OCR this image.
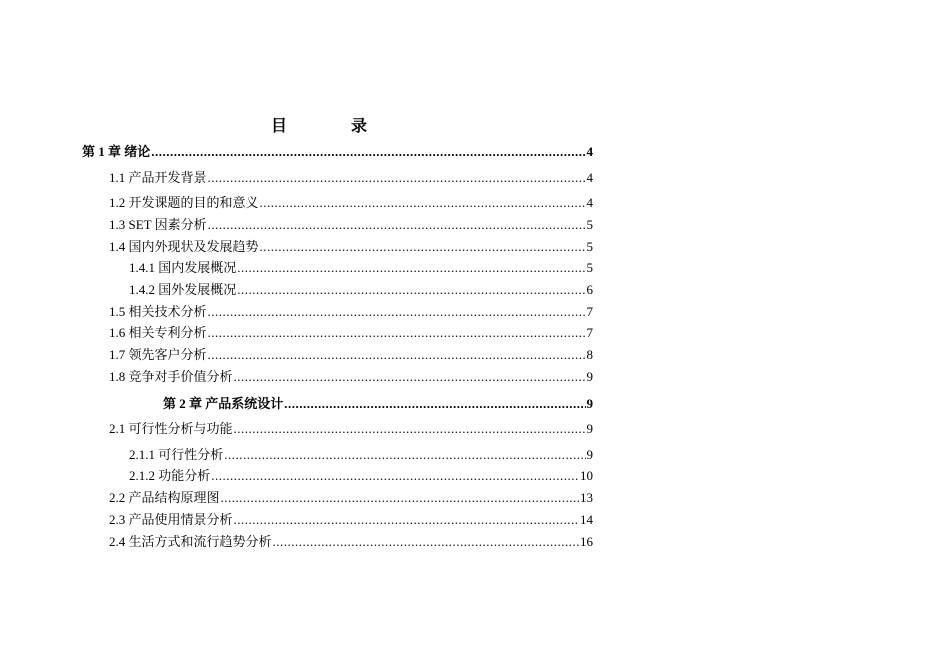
目　录
第 1 章 绪论 .....	4
1.1 产品开发背景 .....	4
1.2 开发课题的目的和意义 .....	4
1.3 SET 因素分析 .....	5
1.4 国内外现状及发展趋势 .....	5
1.4.1 国内发展概况 .....	5
1.4.2 国外发展概况 .....	6
1.5 相关技术分析 .....	7
1.6 相关专利分析 .....	7
1.7 领先客户分析 .....	8
1.8 竞争对手价值分析 .....	9
第 2 章 产品系统设计 .....	9
2.1 可行性分析与功能 .....	9
2.1.1 可行性分析 .....	9
2.1.2 功能分析 .....	10
2.2 产品结构原理图 .....	13
2.3 产品使用情景分析 .....	14
2.4 生活方式和流行趋势分析 .....	16
